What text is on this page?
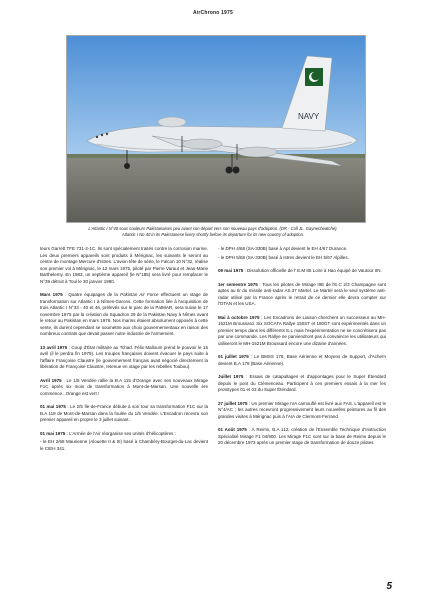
AirChrono 1975
NAVY
L'Atlantic I N°40 sous couleurs Pakistanaises peu avant son départ vers son nouveau pays d'adoption. (DR - Coll JL. Gaynecheatche).
Atlantic I No 40 in its Pakistanese livery shortly before its departure for its new country of adoption.

teurs Garrett TFE 731-2-1C. Ils sont spécialement traités contre la corrosion marine. Les deux premiers appareils sont produits à Mérignac, les suivants le seront au centre de montage Mercure d'Istres. L'avion tête de série, le Falcon 10 N°32, réalise son premier vol à Mérignac, le 12 mars 1975, piloté par Pierre Varaut et Jean-Marie Barthelemy. En 1983, un septième appareil (le N°185) sera livré pour remplacer le N°39 détruit à Toul le 30 janvier 1980.

Mars 1975 : Quatre équipages de la Pakistan Air Force effectuent un stage de transformation sur Atlantic I à Nîmes-Garons. Cette formation liée à l'acquisition de trois Atlantic I N°33 - 40 et 46, prélevés sur le parc de la PatMAR, sera suivie le 17 novembre 1975 par la création du Squadron 29 de la Pakistan Navy à Nîmes avant le retour au Pakistan en mars 1976. Nos marins étaient absolument opposés à cette vente, ils durent cependant se soumettre aux choix gouvernementaux en raison des nombreux contrats que devait passer notre industrie de l'armement.

13 avril 1975 : Coup d'État militaire au Tchad. Félix Malloum prend le pouvoir le 15 avril (il le perdra fin 1979). Les troupes françaises doivent évacuer le pays suite à l'affaire Françoise Claustre (le gouvernement français avait négocié directement la libération de Françoise Claustre, retenue en otage par les rebelles Toubou).

Avril 1975 : Le 1/5 Vendée rallie la B.A 115 d'Orange avec ses nouveaux Mirage F1C après six mois de transformation à Mont-de-Marsan. Une nouvelle ère commence...Orange est vert !

01 mai 1975 : Le 2/5 Île-de-France débute à son tour sa transformation F1C sur la B.A 118 de Mont-de-Marsan dans la foulée du 1/5 Vendée. L'Escadron recevra son premier appareil en propre le 3 juillet suivant.

01 mai 1975 : L'Armée de l'Air réorganise ses unités d'hélicoptères :

- le EH 2/68 Maurienne (Alouette II & III) basé à Chambéry-Bourget-du-Lac devient le CIEH 341.

- le DPH 4/68 (SA-330B) basé à Apt devient le EH 4/67 Durance.

- le DPH 5/68 (SA-330B) basé à Istres devient le EH 5/67 Alpilles.

09 mai 1975 : Dissolution officielle de l' E.M 85 Loire à Hao équipé de Vautour IIN.

1er semestre 1975 : Tous les pilotes de Mirage IIIE de l'E.C 2/3 Champagne sont aptes au tir du missile anti-radar AS.37 Martel. Le Martel sera le seul système anti-radar utilisé par la France après le retrait de ce dernier elle devra compter sur l'OTAN et les USA.

Mai à octobre 1975 : Les Escadrons de Liaison cherchent un successeur au MH-1521M Broussard. Six SOCATA Rallye 150ST et 180GT sont expérimentés dans un premier temps dans les différents E.L mais l'expérimentation ne se concrétisera pas par une commande. Les Rallye ne parviendront pas à convaincre les utilisateurs qui utiliseront le MH-1521M Broussard encore une dizaine d'années.

01 juillet 1975 : Le BMSS 178, Base Aérienne et Moyens de Support, d'Achern devient B.A 178 (Base Aérienne).

Juillet 1975 : Essais de catapultages et d'appontages pour le Super Étendard depuis le pont du Clémenceau. Participent à ces premiers essais à la mer les prototypes 01 et 03 du Super Étendard.

27 juillet 1975 : Un premier Mirage IVA camouflé est livré aux FAS. L'appareil est le N°4/AC ; les autres recevront progressivement leurs nouvelles peintures au fil des grandes visites à Mérignac puis à l'AIA de Clermont-Ferrand.

01 Août 1975 : À Reims, B.A 112, création de l'Ensemble Technique d'Instruction Spécialisé Mirage F1 04/900. Les Mirage F1C sont sur la base de Reims depuis le 20 décembre 1973 après un premier stage de transformation de douze pilotes.

5
